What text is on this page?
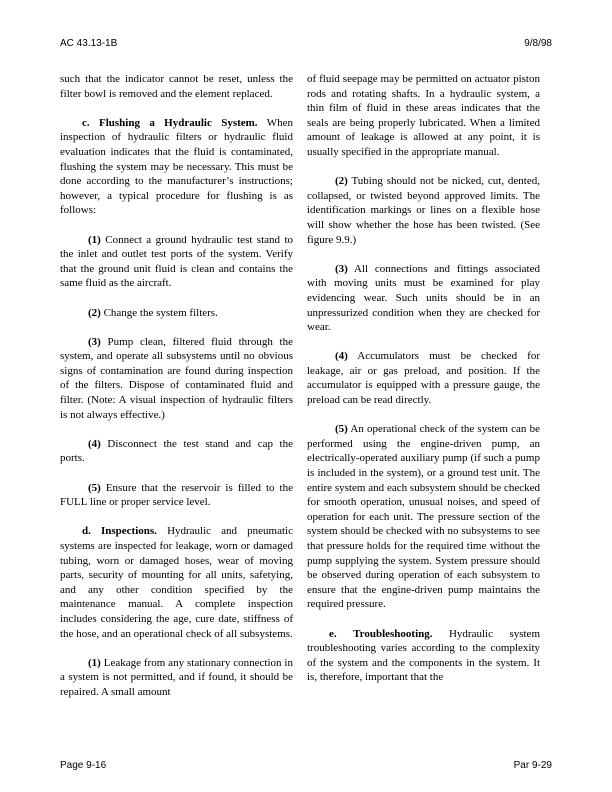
AC 43.13-1B	9/8/98

such that the indicator cannot be reset, unless the filter bowl is removed and the element replaced.

c. Flushing a Hydraulic System. When inspection of hydraulic filters or hydraulic fluid evaluation indicates that the fluid is contaminated, flushing the system may be necessary. This must be done according to the manufacturer’s instructions; however, a typical procedure for flushing is as follows:

(1) Connect a ground hydraulic test stand to the inlet and outlet test ports of the system. Verify that the ground unit fluid is clean and contains the same fluid as the aircraft.

(2) Change the system filters.

(3) Pump clean, filtered fluid through the system, and operate all subsystems until no obvious signs of contamination are found during inspection of the filters. Dispose of contaminated fluid and filter. (Note: A visual inspection of hydraulic filters is not always effective.)

(4) Disconnect the test stand and cap the ports.

(5) Ensure that the reservoir is filled to the FULL line or proper service level.

d. Inspections. Hydraulic and pneumatic systems are inspected for leakage, worn or damaged tubing, worn or damaged hoses, wear of moving parts, security of mounting for all units, safetying, and any other condition specified by the maintenance manual. A complete inspection includes considering the age, cure date, stiffness of the hose, and an operational check of all subsystems.

(1) Leakage from any stationary connection in a system is not permitted, and if found, it should be repaired. A small amount

of fluid seepage may be permitted on actuator piston rods and rotating shafts. In a hydraulic system, a thin film of fluid in these areas indicates that the seals are being properly lubricated. When a limited amount of leakage is allowed at any point, it is usually specified in the appropriate manual.

(2) Tubing should not be nicked, cut, dented, collapsed, or twisted beyond approved limits. The identification markings or lines on a flexible hose will show whether the hose has been twisted. (See figure 9.9.)

(3) All connections and fittings associated with moving units must be examined for play evidencing wear. Such units should be in an unpressurized condition when they are checked for wear.

(4) Accumulators must be checked for leakage, air or gas preload, and position. If the accumulator is equipped with a pressure gauge, the preload can be read directly.

(5) An operational check of the system can be performed using the engine-driven pump, an electrically-operated auxiliary pump (if such a pump is included in the system), or a ground test unit. The entire system and each subsystem should be checked for smooth operation, unusual noises, and speed of operation for each unit. The pressure section of the system should be checked with no subsystems to see that pressure holds for the required time without the pump supplying the system. System pressure should be observed during operation of each subsystem to ensure that the engine-driven pump maintains the required pressure.

e. Troubleshooting. Hydraulic system troubleshooting varies according to the complexity of the system and the components in the system. It is, therefore, important that the

Page 9-16	Par 9-29
